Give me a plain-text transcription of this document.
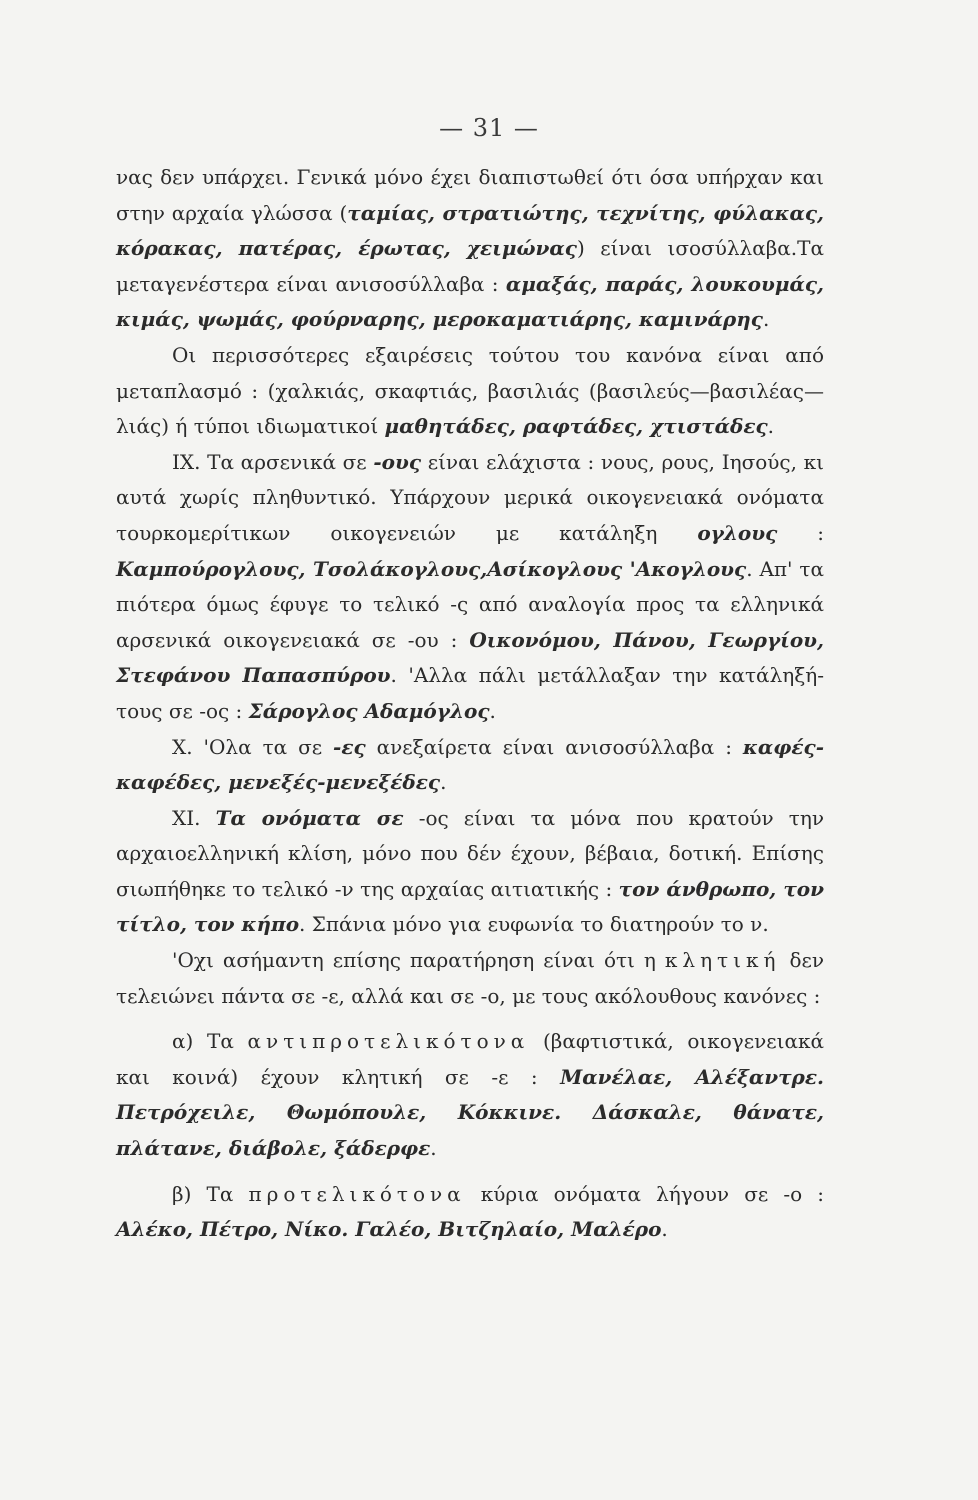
— 31 —

νας δεν υπάρχει. Γενικά μόνο έχει διαπιστωθεί ότι όσα υπήρχαν και στην αρχαία γλώσσα (ταμίας, στρατιώτης, τεχνίτης, φύλακας, κόρακας, πατέρας, έρωτας, χειμώνας) είναι ισοσύλλαβα.Τα μεταγενέστερα είναι ανισοσύλλαβα : αμαξάς, παράς, λουκουμάς, κιμάς, ψωμάς, φούρναρης, μεροκαματιάρης, καμινάρης.

Οι περισσότερες εξαιρέσεις τούτου του κανόνα είναι από μεταπλασμό : (χαλκιάς, σκαφτιάς, βασιλιάς (βασιλεύς—βασιλέας—λιάς) ή τύποι ιδιωματικοί μαθητάδες, ραφτάδες, χτιστάδες.

IX. Τα αρσενικά σε -ους είναι ελάχιστα : νους, ρους, Ιησούς, κι αυτά χωρίς πληθυντικό. Υπάρχουν μερικά οικογενειακά ονόματα τουρκομερίτικων οικογενειών με κατάληξη ογλους : Καμπούρογλους, Τσολάκογλους,Ασίκογλους 'Ακογλους. Απ' τα πιότερα όμως έφυγε το τελικό -ς από αναλογία προς τα ελληνικά αρσενικά οικογενειακά σε -ου : Οικονόμου, Πάνου, Γεωργίου, Στεφάνου Παπασπύρου. 'Αλλα πάλι μετάλλαξαν την κατάληξή-τους σε -ος : Σάρογλος Αδαμόγλος.

X. 'Ολα τα σε -ες ανεξαίρετα είναι ανισοσύλλαβα : καφές-καφέδες, μενεξές-μενεξέδες.

XI. Τα ονόματα σε -ος είναι τα μόνα που κρατούν την αρχαιοελληνική κλίση, μόνο που δέν έχουν, βέβαια, δοτική. Επίσης σιωπήθηκε το τελικό -ν της αρχαίας αιτιατικής : τον άνθρωπο, τον τίτλο, τον κήπο. Σπάνια μόνο για ευφωνία το διατηρούν το ν.

'Οχι ασήμαντη επίσης παρατήρηση είναι ότι η κλητική δεν τελειώνει πάντα σε -ε, αλλά και σε -ο, με τους ακόλουθους κανόνες :

α) Τα αντιπροτελικότονα (βαφτιστικά, οικογενειακά και κοινά) έχουν κλητική σε -ε : Μανέλαε, Αλέξαντρε. Πετρόχειλε, Θωμόπουλε, Κόκκινε. Δάσκαλε, θάνατε, πλάτανε, διάβολε, ξάδερφε.

β) Τα προτελικότονα κύρια ονόματα λήγουν σε -ο : Αλέκο, Πέτρο, Νίκο. Γαλέο, Βιτζηλαίο, Μαλέρο.
